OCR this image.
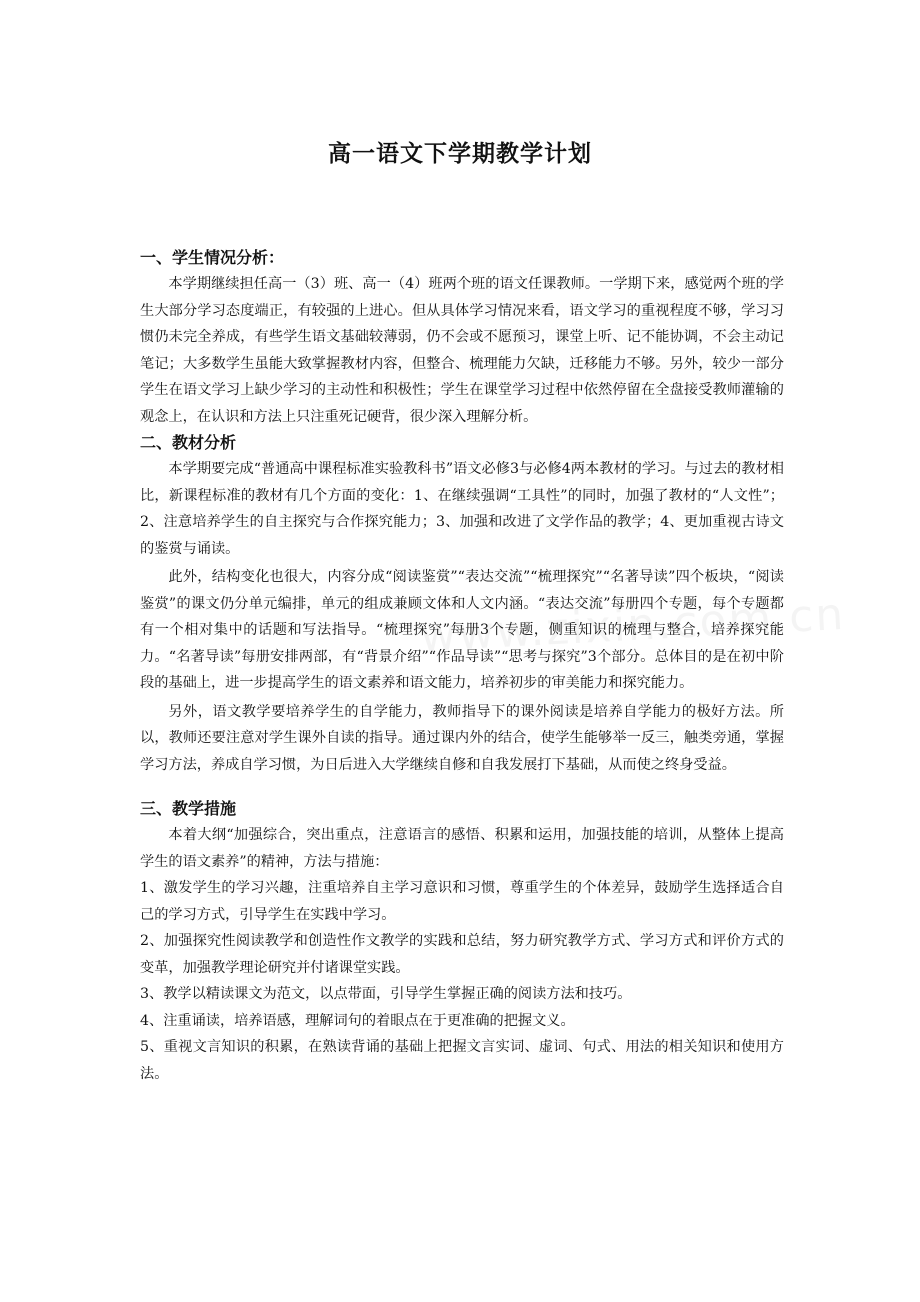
高一语文下学期教学计划

一、学生情况分析：

本学期继续担任高一（3）班、高一（4）班两个班的语文任课教师。一学期下来，感觉两个班的学生大部分学习态度端正，有较强的上进心。但从具体学习情况来看，语文学习的重视程度不够，学习习惯仍未完全养成，有些学生语文基础较薄弱，仍不会或不愿预习，课堂上听、记不能协调，不会主动记笔记；大多数学生虽能大致掌握教材内容，但整合、梳理能力欠缺，迁移能力不够。另外，较少一部分学生在语文学习上缺少学习的主动性和积极性；学生在课堂学习过程中依然停留在全盘接受教师灌输的观念上，在认识和方法上只注重死记硬背，很少深入理解分析。

二、教材分析

本学期要完成“普通高中课程标准实验教科书”语文必修3与必修4两本教材的学习。与过去的教材相比，新课程标准的教材有几个方面的变化：1、在继续强调“工具性”的同时，加强了教材的“人文性”；2、注意培养学生的自主探究与合作探究能力；3、加强和改进了文学作品的教学；4、更加重视古诗文的鉴赏与诵读。

此外，结构变化也很大，内容分成“阅读鉴赏”“表达交流”“梳理探究”“名著导读”四个板块，“阅读鉴赏”的课文仍分单元编排，单元的组成兼顾文体和人文内涵。“表达交流”每册四个专题，每个专题都有一个相对集中的话题和写法指导。“梳理探究”每册3个专题，侧重知识的梳理与整合，培养探究能力。“名著导读”每册安排两部，有“背景介绍”“作品导读”“思考与探究”3个部分。总体目的是在初中阶段的基础上，进一步提高学生的语文素养和语文能力，培养初步的审美能力和探究能力。

另外，语文教学要培养学生的自学能力，教师指导下的课外阅读是培养自学能力的极好方法。所以，教师还要注意对学生课外自读的指导。通过课内外的结合，使学生能够举一反三，触类旁通，掌握学习方法，养成自学习惯，为日后进入大学继续自修和自我发展打下基础，从而使之终身受益。

三、教学措施

本着大纲“加强综合，突出重点，注意语言的感悟、积累和运用，加强技能的培训，从整体上提高学生的语文素养”的精神，方法与措施：

1、激发学生的学习兴趣，注重培养自主学习意识和习惯，尊重学生的个体差异，鼓励学生选择适合自己的学习方式，引导学生在实践中学习。

2、加强探究性阅读教学和创造性作文教学的实践和总结，努力研究教学方式、学习方式和评价方式的变革，加强教学理论研究并付诸课堂实践。

3、教学以精读课文为范文，以点带面，引导学生掌握正确的阅读方法和技巧。

4、注重诵读，培养语感，理解词句的着眼点在于更准确的把握文义。

5、重视文言知识的积累，在熟读背诵的基础上把握文言实词、虚词、句式、用法的相关知识和使用方法。
